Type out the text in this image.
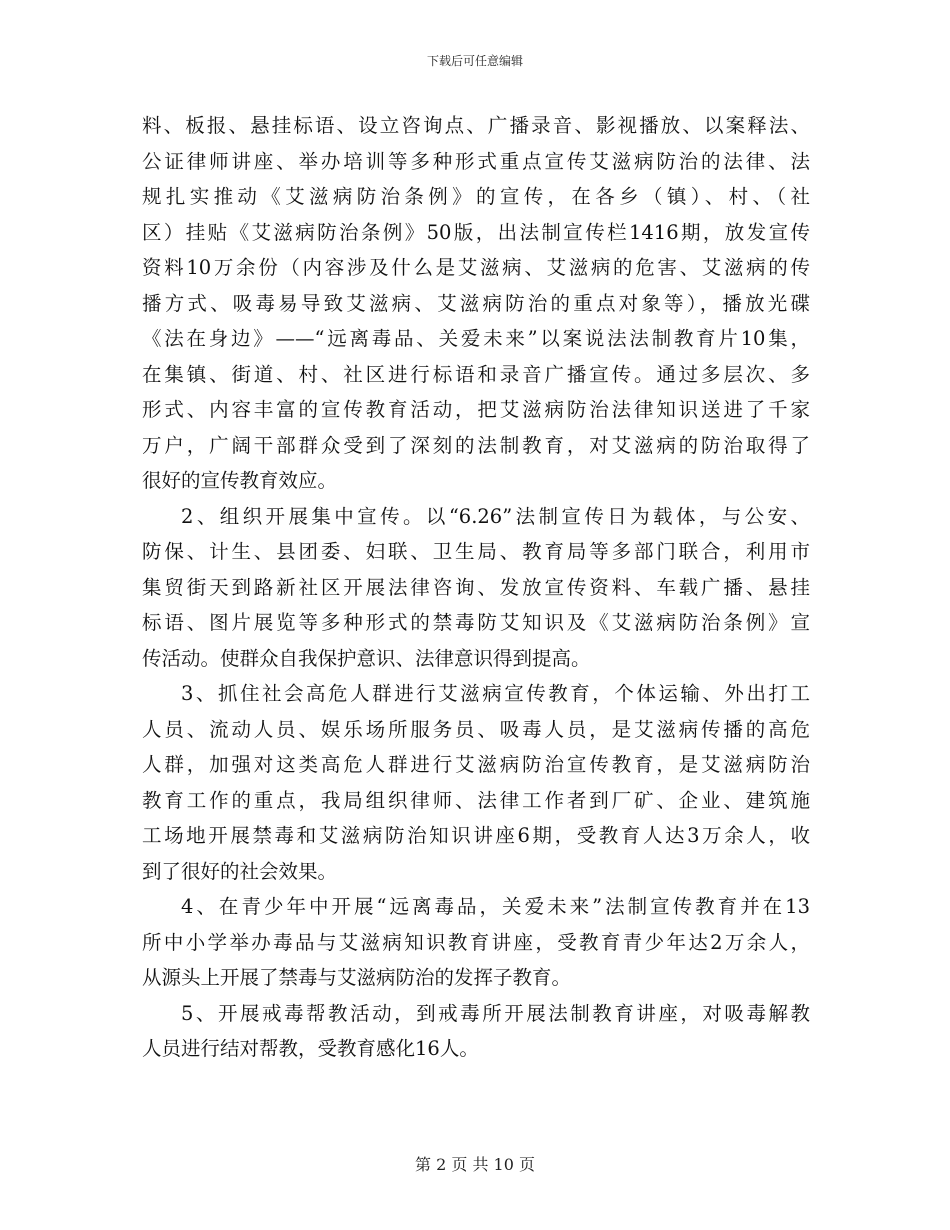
下载后可任意编辑

料、板报、悬挂标语、设立咨询点、广播录音、影视播放、以案释法、
公证律师讲座、举办培训等多种形式重点宣传艾滋病防治的法律、法
规扎实推动《艾滋病防治条例》的宣传，在各乡（镇）、村、（社
区）挂贴《艾滋病防治条例》50版，出法制宣传栏1416期，放发宣传
资料10万余份（内容涉及什么是艾滋病、艾滋病的危害、艾滋病的传
播方式、吸毒易导致艾滋病、艾滋病防治的重点对象等），播放光碟
《法在身边》——“远离毒品、关爱未来”以案说法法制教育片10集，
在集镇、街道、村、社区进行标语和录音广播宣传。通过多层次、多
形式、内容丰富的宣传教育活动，把艾滋病防治法律知识送进了千家
万户，广阔干部群众受到了深刻的法制教育，对艾滋病的防治取得了
很好的宣传教育效应。

2、组织开展集中宣传。以“6.26”法制宣传日为载体，与公安、
防保、计生、县团委、妇联、卫生局、教育局等多部门联合，利用市
集贸街天到路新社区开展法律咨询、发放宣传资料、车载广播、悬挂
标语、图片展览等多种形式的禁毒防艾知识及《艾滋病防治条例》宣
传活动。使群众自我保护意识、法律意识得到提高。

3、抓住社会高危人群进行艾滋病宣传教育，个体运输、外出打工
人员、流动人员、娱乐场所服务员、吸毒人员，是艾滋病传播的高危
人群，加强对这类高危人群进行艾滋病防治宣传教育，是艾滋病防治
教育工作的重点，我局组织律师、法律工作者到厂矿、企业、建筑施
工场地开展禁毒和艾滋病防治知识讲座6期，受教育人达3万余人，收
到了很好的社会效果。

4、在青少年中开展“远离毒品，关爱未来”法制宣传教育并在13
所中小学举办毒品与艾滋病知识教育讲座，受教育青少年达2万余人，
从源头上开展了禁毒与艾滋病防治的发挥子教育。

5、开展戒毒帮教活动，到戒毒所开展法制教育讲座，对吸毒解教
人员进行结对帮教，受教育感化16人。

第 2 页 共 10 页
